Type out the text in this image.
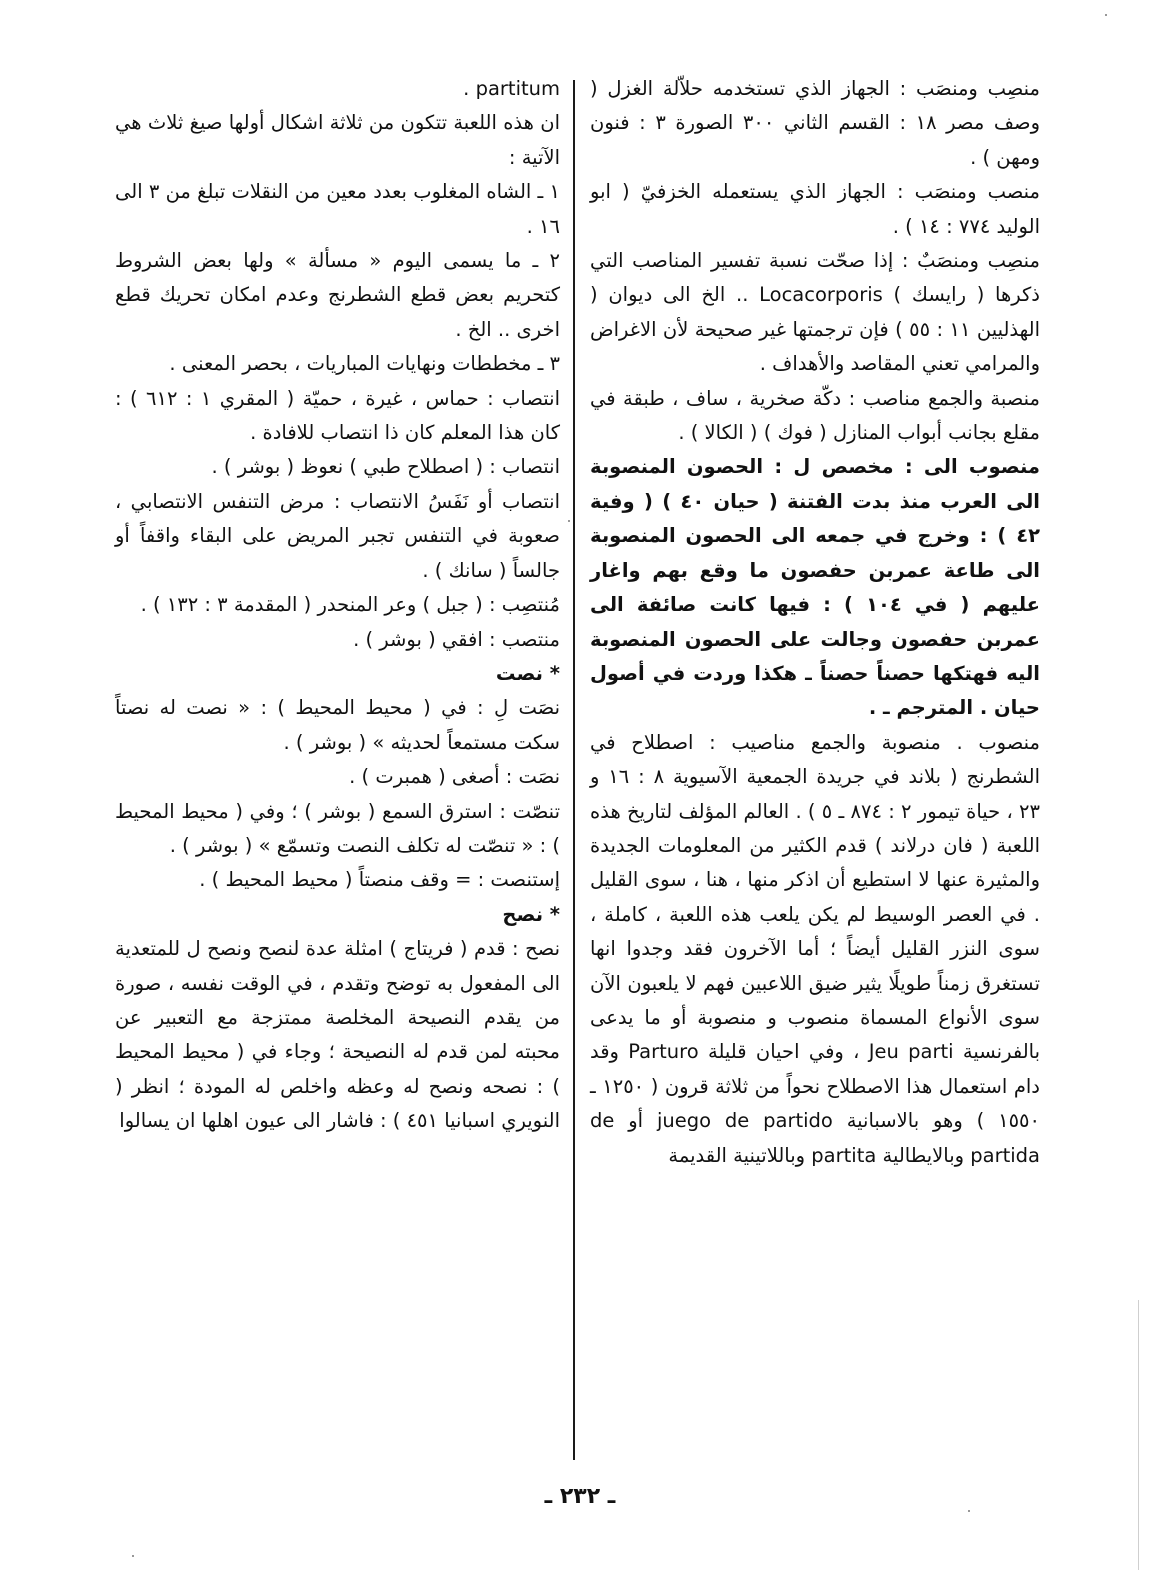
منصِب ومنصَب : الجهاز الذي تستخدمه حلاّلة الغزل ( وصف مصر ١٨ : القسم الثاني ٣٠٠ الصورة ٣ : فنون ومهن ) .

منصب ومنصَب : الجهاز الذي يستعمله الخزفيّ ( ابو الوليد ٧٧٤ : ١٤ ) .

منصِب ومنصَبٌ : إذا صحّت نسبة تفسير المناصب التي ذكرها ( رايسك ) Locacorporis .. الخ الى ديوان ( الهذليين ١١ : ٥٥ ) فإن ترجمتها غير صحيحة لأن الاغراض والمرامي تعني المقاصد والأهداف .

منصبة والجمع مناصب : دكّة صخرية ، ساف ، طبقة في مقلع بجانب أبواب المنازل ( فوك ) ( الكالا ) .

منصوب الى : مخصص ل : الحصون المنصوبة الى العرب منذ بدت الفتنة ( حيان ٤٠ ) ( وفية ٤٢ ) : وخرج في جمعه الى الحصون المنصوبة الى طاعة عمربن حفصون ما وقع بهم واغار عليهم ( في ١٠٤ ) : فيها كانت صائفة الى عمربن حفصون وجالت على الحصون المنصوبة اليه فهتكها حصناً حصناً ـ هكذا وردت في أصول حيان . المترجم ـ .

منصوب . منصوبة والجمع مناصيب : اصطلاح في الشطرنج ( بلاند في جريدة الجمعية الآسيوية ٨ : ١٦ و ٢٣ ، حياة تيمور ٢ : ٨٧٤ ـ ٥ ) . العالم المؤلف لتاريخ هذه اللعبة ( فان درلاند ) قدم الكثير من المعلومات الجديدة والمثيرة عنها لا استطيع أن اذكر منها ، هنا ، سوى القليل . في العصر الوسيط لم يكن يلعب هذه اللعبة ، كاملة ، سوى النزر القليل أيضاً ؛ أما الآخرون فقد وجدوا انها تستغرق زمناً طويلًا يثير ضيق اللاعبين فهم لا يلعبون الآن سوى الأنواع المسماة منصوب و منصوبة أو ما يدعى بالفرنسية Jeu parti ، وفي احيان قليلة Parturo وقد دام استعمال هذا الاصطلاح نحواً من ثلاثة قرون ( ١٢٥٠ ـ ١٥٥٠ ) وهو بالاسبانية juego de partido أو de partida وبالايطالية partita وباللاتينية القديمة

partitum .

ان هذه اللعبة تتكون من ثلاثة اشكال أولها صيغ ثلاث هي الآتية :

١ ـ الشاه المغلوب بعدد معين من النقلات تبلغ من ٣ الى ١٦ .

٢ ـ ما يسمى اليوم « مسألة » ولها بعض الشروط كتحريم بعض قطع الشطرنج وعدم امكان تحريك قطع اخرى .. الخ .

٣ ـ مخططات ونهايات المباريات ، بحصر المعنى .

انتصاب : حماس ، غيرة ، حميّة ( المقري ١ : ٦١٢ ) : كان هذا المعلم كان ذا انتصاب للافادة .

انتصاب : ( اصطلاح طبي ) نعوظ ( بوشر ) .

انتصاب أو نَفَسُ الانتصاب : مرض التنفس الانتصابي ، صعوبة في التنفس تجبر المريض على البقاء واقفاً أو جالساً ( سانك ) .

مُنتصِب : ( جبل ) وعر المنحدر ( المقدمة ٣ : ١٣٢ ) .

منتصب : افقي ( بوشر ) .

* نصت

نصَت لِ : في ( محيط المحيط ) : « نصت له نصتاً سكت مستمعاً لحديثه » ( بوشر ) .

نصَت : أصغى ( همبرت ) .

تنصّت : استرق السمع ( بوشر ) ؛ وفي ( محيط المحيط ) : « تنصّت له تكلف النصت وتسمّع » ( بوشر ) .

إستنصت : = وقف منصتاً ( محيط المحيط ) .

* نصح

نصح : قدم ( فريتاج ) امثلة عدة لنصح ونصح ل للمتعدية الى المفعول به توضح وتقدم ، في الوقت نفسه ، صورة من يقدم النصيحة المخلصة ممتزجة مع التعبير عن محبته لمن قدم له النصيحة ؛ وجاء في ( محيط المحيط ) : نصحه ونصح له وعظه واخلص له المودة ؛ انظر ( النويري اسبانيا ٤٥١ ) : فاشار الى عيون اهلها ان يسالوا

ـ ٢٣٢ ـ
